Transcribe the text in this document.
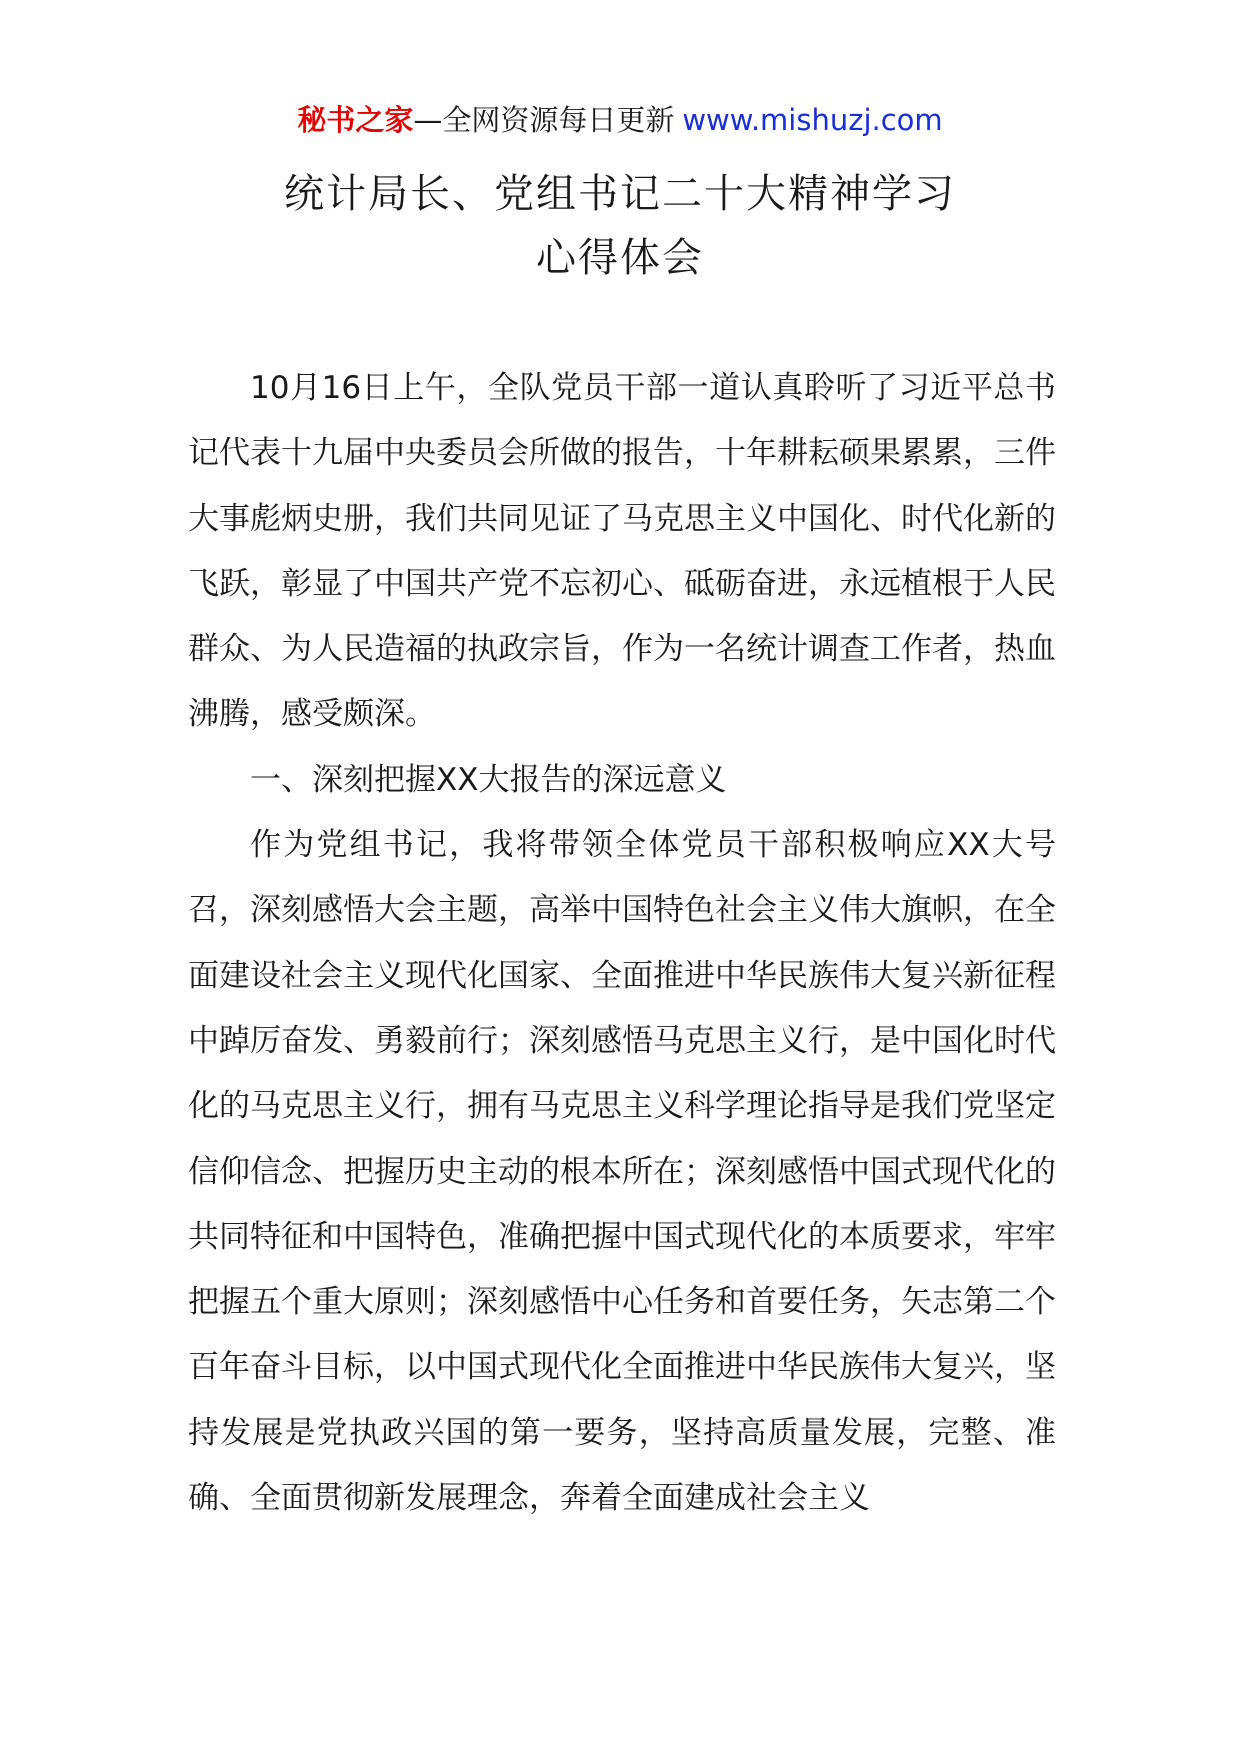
秘书之家—全网资源每日更新 www.mishuzj.com
统计局长、党组书记二十大精神学习
心得体会

10月16日上午，全队党员干部一道认真聆听了习近平总书记代表十九届中央委员会所做的报告，十年耕耘硕果累累，三件大事彪炳史册，我们共同见证了马克思主义中国化、时代化新的飞跃，彰显了中国共产党不忘初心、砥砺奋进，永远植根于人民群众、为人民造福的执政宗旨，作为一名统计调查工作者，热血沸腾，感受颇深。

一、深刻把握XX大报告的深远意义

作为党组书记，我将带领全体党员干部积极响应XX大号召，深刻感悟大会主题，高举中国特色社会主义伟大旗帜，在全面建设社会主义现代化国家、全面推进中华民族伟大复兴新征程中踔厉奋发、勇毅前行；深刻感悟马克思主义行，是中国化时代化的马克思主义行，拥有马克思主义科学理论指导是我们党坚定信仰信念、把握历史主动的根本所在；深刻感悟中国式现代化的共同特征和中国特色，准确把握中国式现代化的本质要求，牢牢把握五个重大原则；深刻感悟中心任务和首要任务，矢志第二个百年奋斗目标，以中国式现代化全面推进中华民族伟大复兴，坚持发展是党执政兴国的第一要务，坚持高质量发展，完整、准确、全面贯彻新发展理念，奔着全面建成社会主义
